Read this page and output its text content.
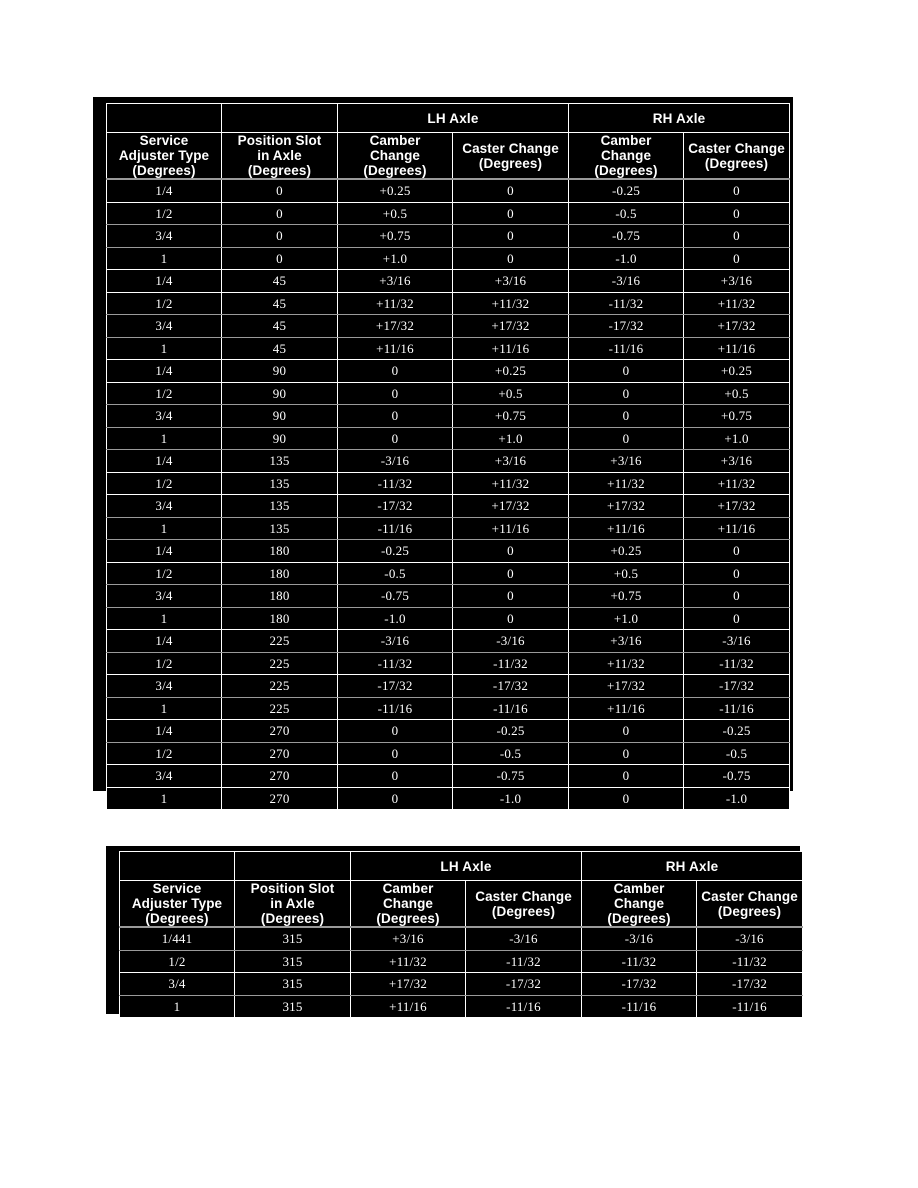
		LH Axle		RH Axle	

Service
Adjuster Type
(Degrees)	Position Slot
in Axle
(Degrees)	Camber
Change
(Degrees)	Caster Change
(Degrees)	Camber
Change
(Degrees)	Caster Change
(Degrees)

1/4	0	+0.25	0	-0.25	0
1/2	0	+0.5	0	-0.5	0
3/4	0	+0.75	0	-0.75	0
1	0	+1.0	0	-1.0	0
1/4	45	+3/16	+3/16	-3/16	+3/16
1/2	45	+11/32	+11/32	-11/32	+11/32
3/4	45	+17/32	+17/32	-17/32	+17/32
1	45	+11/16	+11/16	-11/16	+11/16
1/4	90	0	+0.25	0	+0.25
1/2	90	0	+0.5	0	+0.5
3/4	90	0	+0.75	0	+0.75
1	90	0	+1.0	0	+1.0
1/4	135	-3/16	+3/16	+3/16	+3/16
1/2	135	-11/32	+11/32	+11/32	+11/32
3/4	135	-17/32	+17/32	+17/32	+17/32
1	135	-11/16	+11/16	+11/16	+11/16
1/4	180	-0.25	0	+0.25	0
1/2	180	-0.5	0	+0.5	0
3/4	180	-0.75	0	+0.75	0
1	180	-1.0	0	+1.0	0
1/4	225	-3/16	-3/16	+3/16	-3/16
1/2	225	-11/32	-11/32	+11/32	-11/32
3/4	225	-17/32	-17/32	+17/32	-17/32
1	225	-11/16	-11/16	+11/16	-11/16
1/4	270	0	-0.25	0	-0.25
1/2	270	0	-0.5	0	-0.5
3/4	270	0	-0.75	0	-0.75
1	270	0	-1.0	0	-1.0
		LH Axle		RH Axle	

Service
Adjuster Type
(Degrees)	Position Slot
in Axle
(Degrees)	Camber
Change
(Degrees)	Caster Change
(Degrees)	Camber
Change
(Degrees)	Caster Change
(Degrees)

1/441	315	+3/16	-3/16	-3/16	-3/16
1/2	315	+11/32	-11/32	-11/32	-11/32
3/4	315	+17/32	-17/32	-17/32	-17/32
1	315	+11/16	-11/16	-11/16	-11/16
